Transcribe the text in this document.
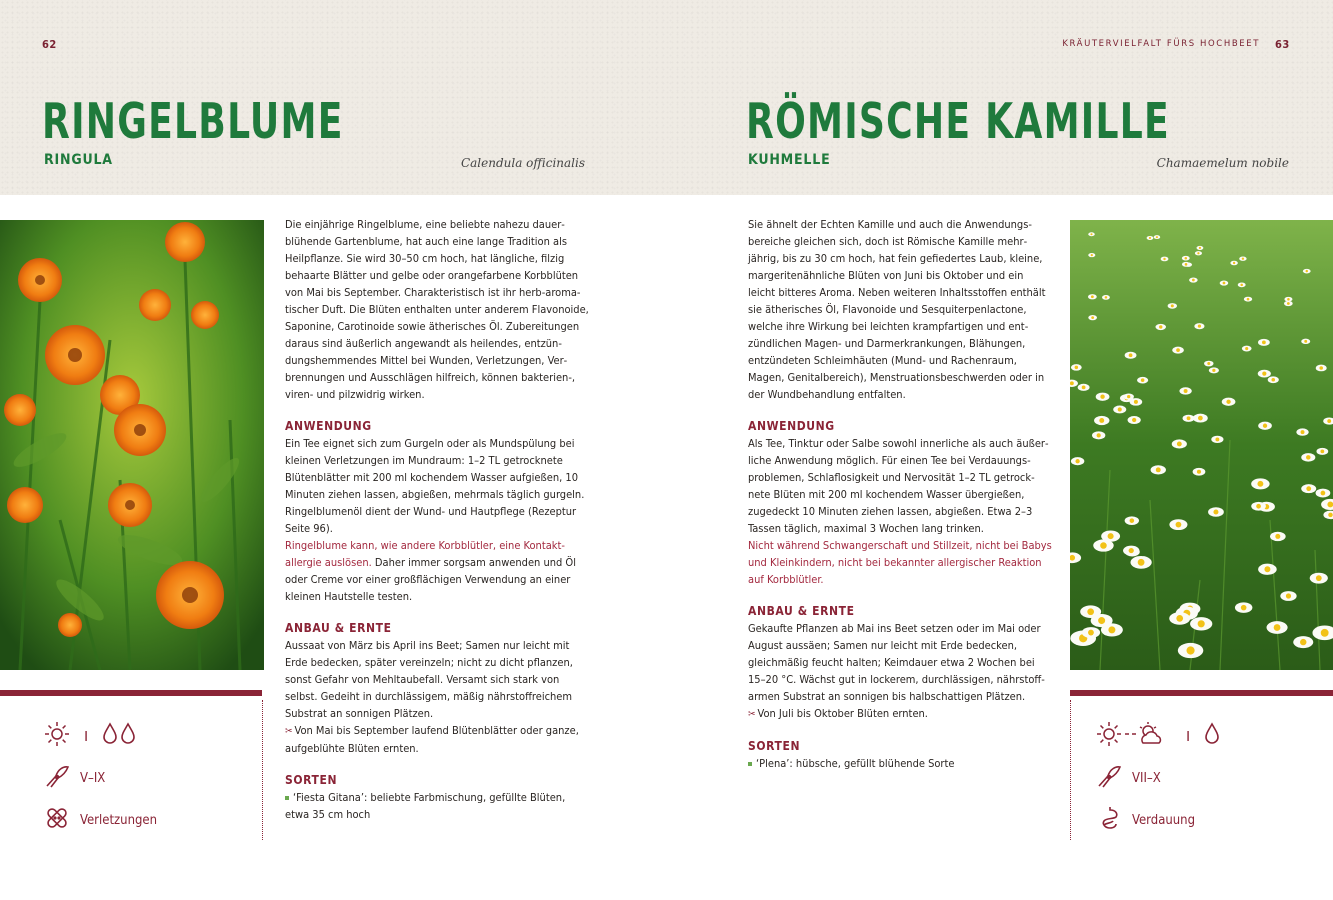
62
RINGELBLUME
RINGULA	Calendula officinalis

Die einjährige Ringelblume, eine beliebte nahezu dauerblühende Gartenblume, hat auch eine lange Tradition als Heilpflanze. Sie wird 30–50 cm hoch, hat längliche, filzig behaarte Blätter und gelbe oder orangefarbene Korbblüten von Mai bis September. Charakteristisch ist ihr herb-aromatischer Duft. Die Blüten enthalten unter anderem Flavonoide, Saponine, Carotinoide sowie ätherisches Öl. Zubereitungen daraus sind äußerlich angewandt als heilendes, entzündungshemmendes Mittel bei Wunden, Verletzungen, Verbrennungen und Ausschlägen hilfreich, können bakterien-, viren- und pilzwidrig wirken.

ANWENDUNG

Ein Tee eignet sich zum Gurgeln oder als Mundspülung bei kleinen Verletzungen im Mundraum: 1–2 TL getrocknete Blütenblätter mit 200 ml kochendem Wasser aufgießen, 10 Minuten ziehen lassen, abgießen, mehrmals täglich gurgeln. Ringelblumenöl dient der Wund- und Hautpflege (Rezeptur Seite 96).
Ringelblume kann, wie andere Korbblütler, eine Kontaktallergie auslösen. Daher immer sorgsam anwenden und Öl oder Creme vor einer großflächigen Verwendung an einer kleinen Hautstelle testen.

ANBAU & ERNTE

Aussaat von März bis April ins Beet; Samen nur leicht mit Erde bedecken, später vereinzeln; nicht zu dicht pflanzen, sonst Gefahr von Mehltaubefall. Versamt sich stark von selbst. Gedeiht in durchlässigem, mäßig nährstoffreichem Substrat an sonnigen Plätzen.

✂ Von Mai bis September laufend Blütenblätter oder ganze, aufgeblühte Blüten ernten.

SORTEN

‘Fiesta Gitana’: beliebte Farbmischung, gefüllte Blüten, etwa 35 cm hoch

I
V–IX
Verletzungen
KRÄUTERVIELFALT FÜRS HOCHBEET 63
RÖMISCHE KAMILLE
KUHMELLE	Chamaemelum nobile

Sie ähnelt der Echten Kamille und auch die Anwendungsbereiche gleichen sich, doch ist Römische Kamille mehrjährig, bis zu 30 cm hoch, hat fein gefiedertes Laub, kleine, margeritenähnliche Blüten von Juni bis Oktober und ein leicht bitteres Aroma. Neben weiteren Inhaltsstoffen enthält sie ätherisches Öl, Flavonoide und Sesquiterpenlactone, welche ihre Wirkung bei leichten krampfartigen und entzündlichen Magen- und Darmerkrankungen, Blähungen, entzündeten Schleimhäuten (Mund- und Rachenraum, Magen, Genitalbereich), Menstruationsbeschwerden oder in der Wundbehandlung entfalten.

ANWENDUNG

Als Tee, Tinktur oder Salbe sowohl innerliche als auch äußerliche Anwendung möglich. Für einen Tee bei Verdauungsproblemen, Schlaflosigkeit und Nervosität 1–2 TL getrocknete Blüten mit 200 ml kochendem Wasser übergießen, zugedeckt 10 Minuten ziehen lassen, abgießen. Etwa 2–3 Tassen täglich, maximal 3 Wochen lang trinken.
Nicht während Schwangerschaft und Stillzeit, nicht bei Babys und Kleinkindern, nicht bei bekannter allergischer Reaktion auf Korbblütler.

ANBAU & ERNTE

Gekaufte Pflanzen ab Mai ins Beet setzen oder im Mai oder August aussäen; Samen nur leicht mit Erde bedecken, gleichmäßig feucht halten; Keimdauer etwa 2 Wochen bei 15–20 °C. Wächst gut in lockerem, durchlässigen, nährstoffarmen Substrat an sonnigen bis halbschattigen Plätzen.

✂ Von Juli bis Oktober Blüten ernten.

SORTEN

‘Plena’: hübsche, gefüllt blühende Sorte

I
VII–X
Verdauung
